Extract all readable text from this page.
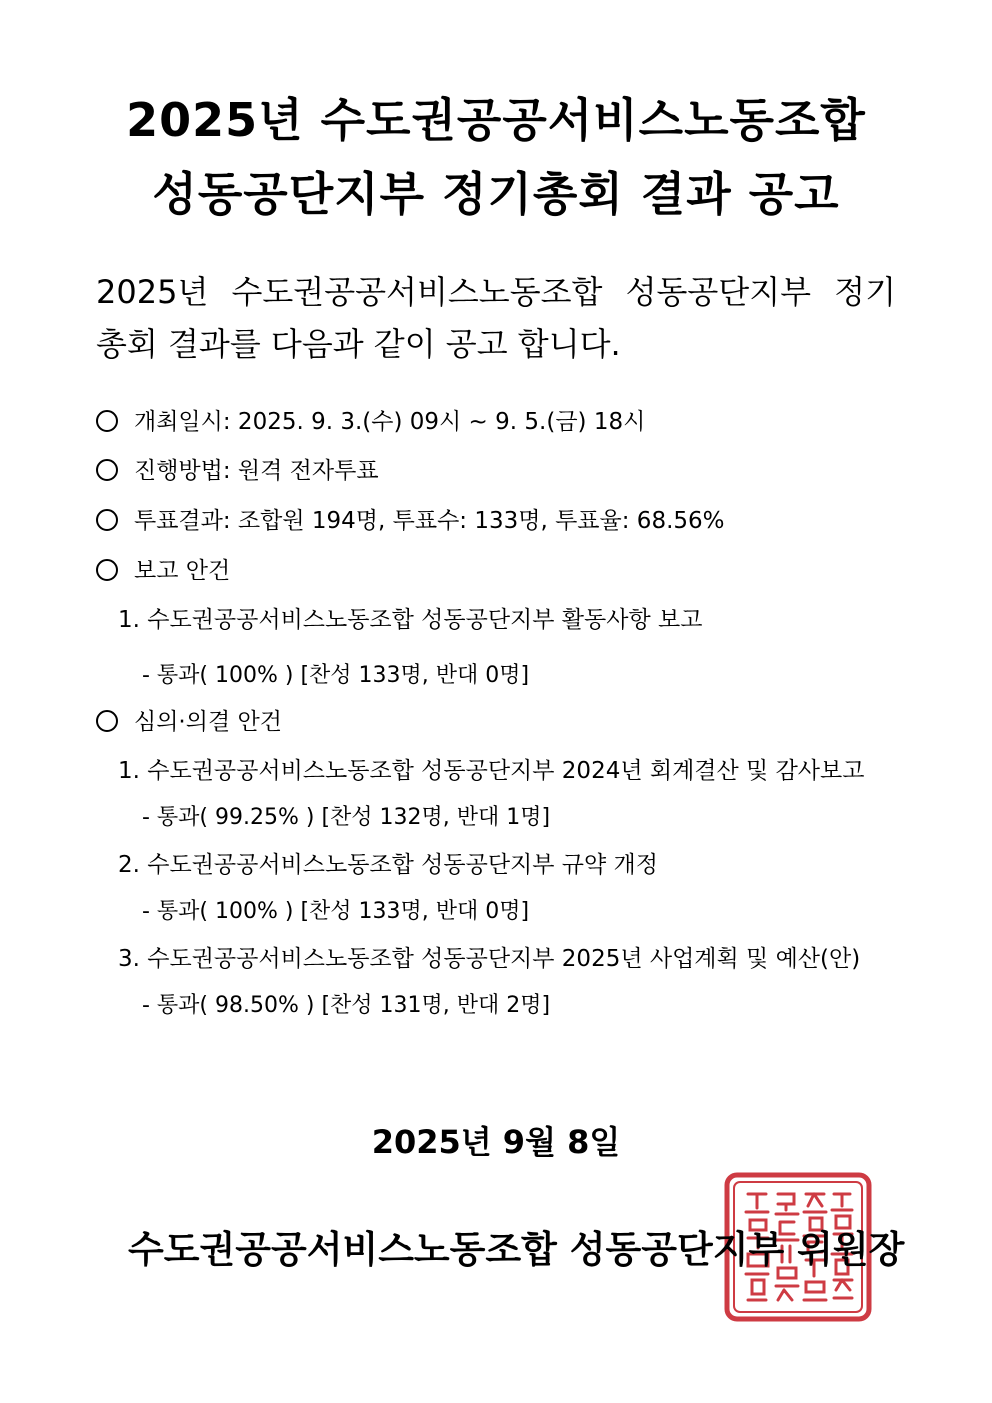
2025년 수도권공공서비스노동조합
성동공단지부 정기총회 결과 공고
2025년 수도권공공서비스노동조합 성동공단지부 정기
총회 결과를 다음과 같이 공고 합니다.
개최일시: 2025. 9. 3.(수) 09시 ~ 9. 5.(금) 18시
진행방법: 원격 전자투표
투표결과: 조합원 194명, 투표수: 133명, 투표율: 68.56%
보고 안건
1. 수도권공공서비스노동조합 성동공단지부 활동사항 보고
- 통과( 100% ) [찬성 133명, 반대 0명]
심의·의결 안건
1. 수도권공공서비스노동조합 성동공단지부 2024년 회계결산 및 감사보고
- 통과( 99.25% ) [찬성 132명, 반대 1명]
2. 수도권공공서비스노동조합 성동공단지부 규약 개정
- 통과( 100% ) [찬성 133명, 반대 0명]
3. 수도권공공서비스노동조합 성동공단지부 2025년 사업계획 및 예산(안)
- 통과( 98.50% ) [찬성 131명, 반대 2명]
2025년 9월 8일
수도권공공서비스노동조합 성동공단지부 위원장
